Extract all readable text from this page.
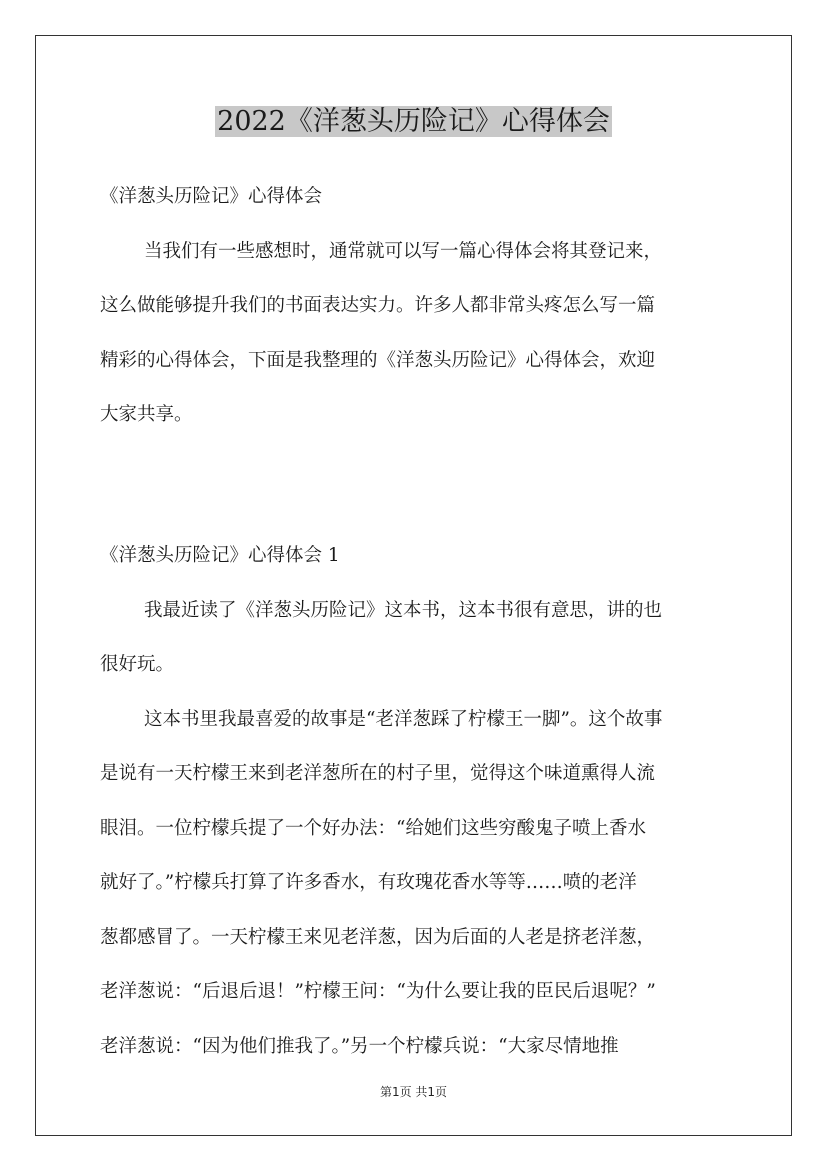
2022《洋葱头历险记》心得体会

《洋葱头历险记》心得体会

当我们有一些感想时，通常就可以写一篇心得体会将其登记来，

这么做能够提升我们的书面表达实力。许多人都非常头疼怎么写一篇

精彩的心得体会，下面是我整理的《洋葱头历险记》心得体会，欢迎

大家共享。

《洋葱头历险记》心得体会 1

我最近读了《洋葱头历险记》这本书，这本书很有意思，讲的也

很好玩。

这本书里我最喜爱的故事是“老洋葱踩了柠檬王一脚”。这个故事

是说有一天柠檬王来到老洋葱所在的村子里，觉得这个味道熏得人流

眼泪。一位柠檬兵提了一个好办法：“给她们这些穷酸鬼子喷上香水

就好了。”柠檬兵打算了许多香水，有玫瑰花香水等等……喷的老洋

葱都感冒了。一天柠檬王来见老洋葱，因为后面的人老是挤老洋葱，

老洋葱说：“后退后退！”柠檬王问：“为什么要让我的臣民后退呢？”

老洋葱说：“因为他们推我了。”另一个柠檬兵说：“大家尽情地推

第1页 共1页
